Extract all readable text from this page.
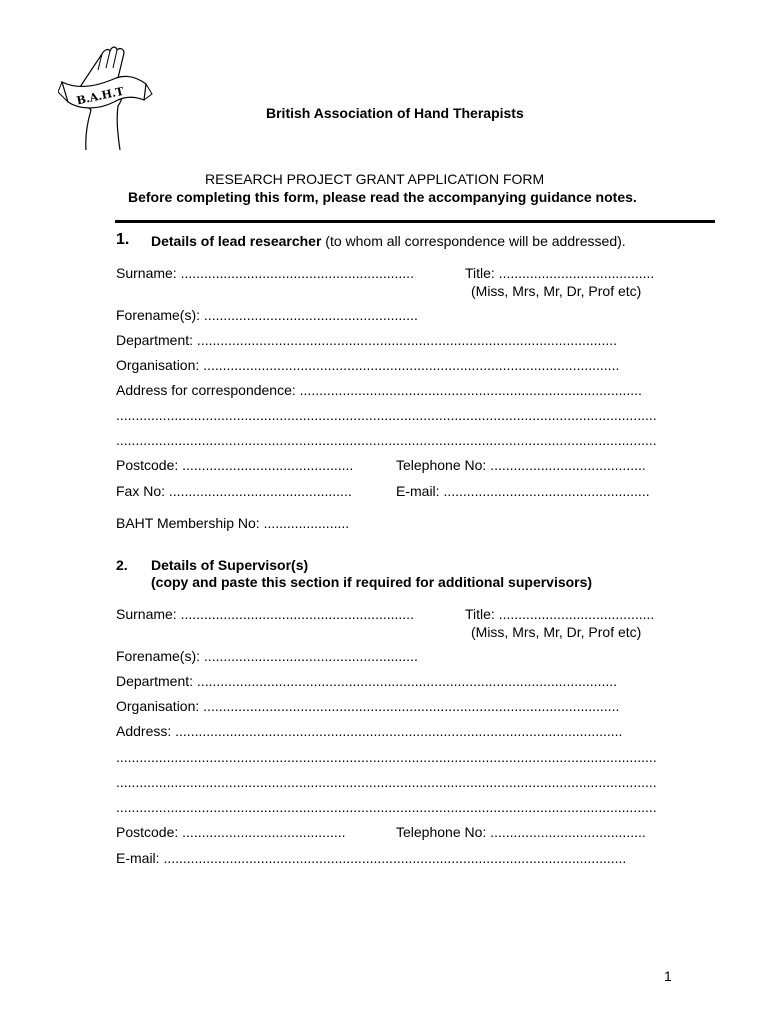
B.A.H.T
British Association of Hand Therapists
RESEARCH PROJECT GRANT APPLICATION FORM
Before completing this form, please read the accompanying guidance notes.
1. Details of lead researcher (to whom all correspondence will be addressed).
Surname: ............................................................	Title: ........................................
(Miss, Mrs, Mr, Dr, Prof etc)
Forename(s): .......................................................
Department: ............................................................................................................
Organisation: ...........................................................................................................
Address for correspondence: ........................................................................................
...........................................................................................................................................
...........................................................................................................................................
Postcode: ............................................	Telephone No: ........................................
Fax No: ...............................................	E-mail: .....................................................
BAHT Membership No: ......................
2. Details of Supervisor(s)
(copy and paste this section if required for additional supervisors)
Surname: ............................................................	Title: ........................................
(Miss, Mrs, Mr, Dr, Prof etc)
Forename(s): .......................................................
Department: ............................................................................................................
Organisation: ...........................................................................................................
Address: ...................................................................................................................
...........................................................................................................................................
...........................................................................................................................................
...........................................................................................................................................
Postcode: ..........................................	Telephone No: ........................................
E-mail: .......................................................................................................................
1
